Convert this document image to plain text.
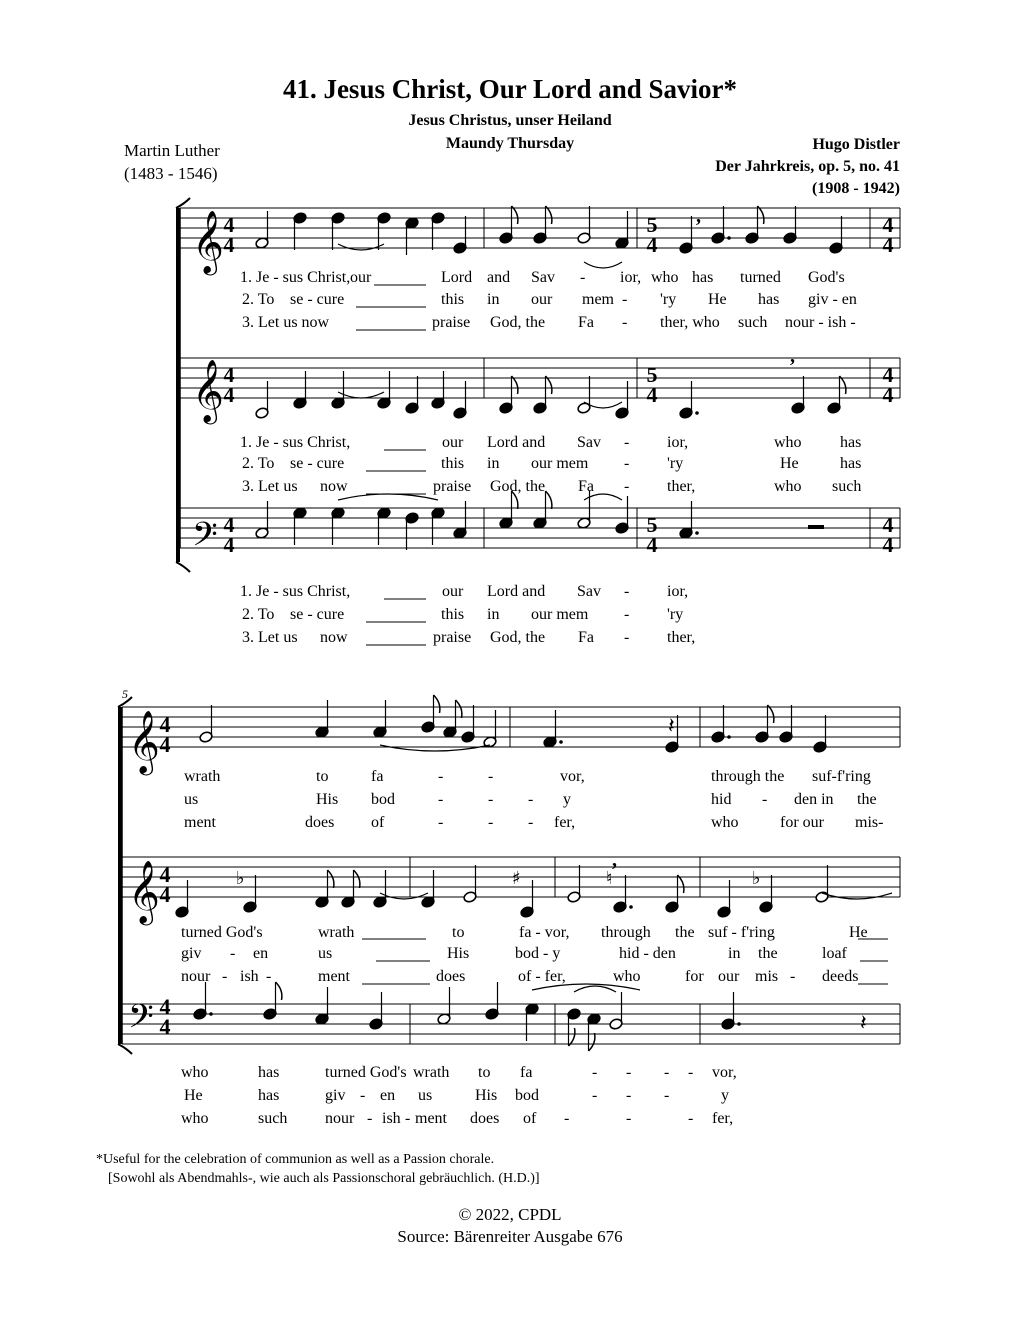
41. Jesus Christ, Our Lord and Savior*
Jesus Christus, unser Heiland
Maundy Thursday
Martin Luther
(1483 - 1546)
Hugo Distler
Der Jahrkreis, op. 5, no. 41
(1908 - 1942)
𝄽
♭	♯	♮	♭
𝄽
𝄞
𝄞
𝄢
𝄞
𝄞
𝄢
4
4
4
4
4
4
5
4
5
4
5
4
4
4
4
4
4
4
4
4
4
4
4
4
5
,
,
,
1. Je - sus Christ, our	Lord and Sav - ior, who has turned God's
2. To se - cure	this in our mem - 'ry He has giv - en
3. Let us now	praise God, the Fa - ther, who such nour - ish -
1. Je - sus Christ,	our Lord and Sav - ior,	who has
2. To se - cure	this in our mem - 'ry	He	has
3. Let us now	praise God, the Fa - ther,	who such
1. Je - sus Christ,	our Lord and Sav - ior,
2. To se - cure	this in our mem - 'ry
3. Let us now	praise God, the Fa - ther,
wrath	to	fa	-	-	vor,	through the suf-f'ring
us	His bod	-	- - y	hid - den in the
ment	does of	-	- - fer,	who	for our mis-
turned God's	wrath	to	fa - vor, through the suf - f'ring	He
giv - en	us	His	bod - y	hid - den	in the	loaf
nour - ish -	ment	does	of - fer,	who	for our mis - deeds
who	has	turned God's wrath to fa	- - - - vor,
He	has	giv - en us	His bod	- - -	y
who	such nour - ish - ment does of -	-	- fer,
*Useful for the celebration of communion as well as a Passion chorale.
[Sowohl als Abendmahls-, wie auch als Passionschoral gebräuchlich. (H.D.)]
© 2022, CPDL
Source: Bärenreiter Ausgabe 676
